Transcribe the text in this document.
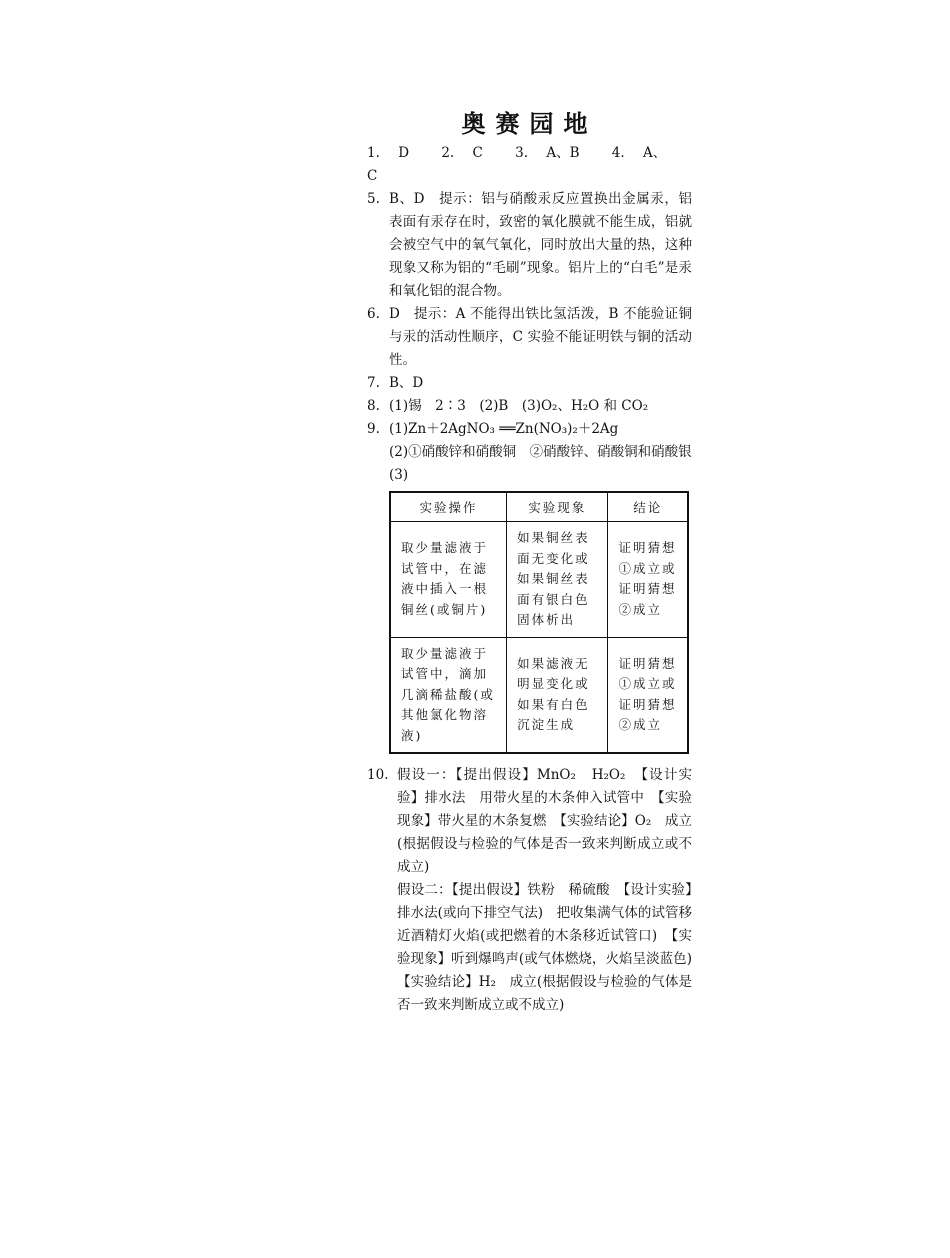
奥赛园地
1. D 2. C 3. A、B 4. A、C
5. B、D　 提示：铝与硝酸汞反应置换出金属汞，铝表面有汞存在时，致密的氧化膜就不能生成，铝就会被空气中的氧气氧化，同时放出大量的热，这种现象又称为铝的“毛刷”现象。铝片上的“白毛”是汞和氧化铝的混合物。
6. D　 提示：A 不能得出铁比氢活泼，B 不能验证铜与汞的活动性顺序，C 实验不能证明铁与铜的活动性。
7. B、D
8. (1)锡　2∶3　 (2)B　 (3)O₂、H₂O 和 CO₂
9. (1)Zn＋2AgNO₃ ══Zn(NO₃)₂＋2Ag
(2)①硝酸锌和硝酸铜　②硝酸锌、硝酸铜和硝酸银
(3)
实验操作	实验现象	结论
取少量滤液于试管中，在滤液中插入一根铜丝(或铜片)	如果铜丝表面无变化或如果铜丝表面有银白色固体析出	证明猜想①成立或证明猜想②成立
取少量滤液于试管中，滴加几滴稀盐酸(或其他氯化物溶液)	如果滤液无明显变化或如果有白色沉淀生成	证明猜想①成立或证明猜想②成立
10. 假设一：【提出假设】MnO₂　H₂O₂　【设计实验】排水法　用带火星的木条伸入试管中　【实验现象】带火星的木条复燃　【实验结论】O₂　成立(根据假设与检验的气体是否一致来判断成立或不成立)
假设二：【提出假设】铁粉　稀硫酸　【设计实验】排水法(或向下排空气法)　把收集满气体的试管移近酒精灯火焰(或把燃着的木条移近试管口)　【实验现象】听到爆鸣声(或气体燃烧，火焰呈淡蓝色)　【实验结论】H₂　成立(根据假设与检验的气体是否一致来判断成立或不成立)
